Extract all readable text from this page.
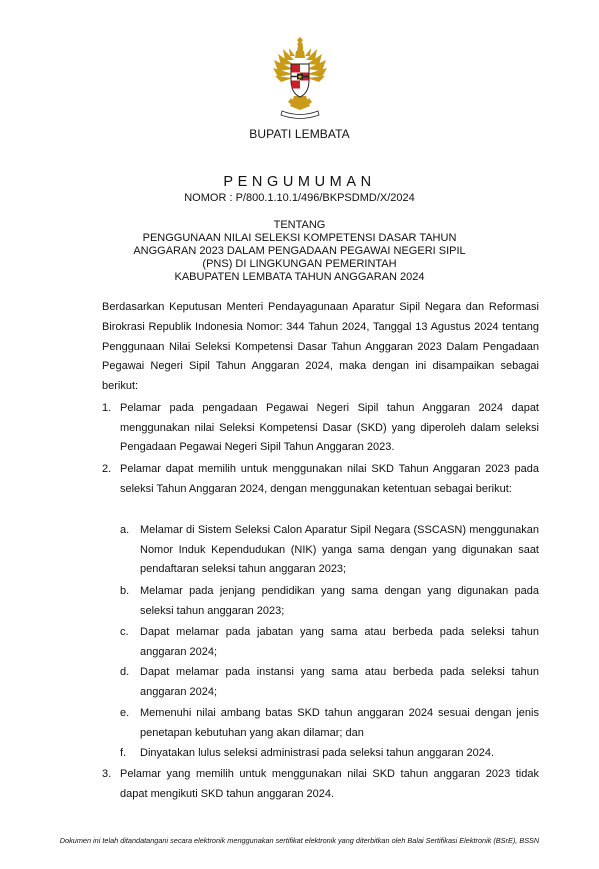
BUPATI LEMBATA
PENGUMUMAN
NOMOR : P/800.1.10.1/496/BKPSDMD/X/2024
TENTANG
PENGGUNAAN NILAI SELEKSI KOMPETENSI DASAR TAHUN
ANGGARAN 2023 DALAM PENGADAAN PEGAWAI NEGERI SIPIL
(PNS) DI LINGKUNGAN PEMERINTAH
KABUPATEN LEMBATA TAHUN ANGGARAN 2024
Berdasarkan Keputusan Menteri Pendayagunaan Aparatur Sipil Negara dan Reformasi Birokrasi Republik Indonesia Nomor: 344 Tahun 2024, Tanggal 13 Agustus 2024 tentang Penggunaan Nilai Seleksi Kompetensi Dasar Tahun Anggaran 2023 Dalam Pengadaan Pegawai Negeri Sipil Tahun Anggaran 2024, maka dengan ini disampaikan sebagai berikut:
1. Pelamar pada pengadaan Pegawai Negeri Sipil tahun Anggaran 2024 dapat menggunakan nilai Seleksi Kompetensi Dasar (SKD) yang diperoleh dalam seleksi Pengadaan Pegawai Negeri Sipil Tahun Anggaran 2023.
2. Pelamar dapat memilih untuk menggunakan nilai SKD Tahun Anggaran 2023 pada seleksi Tahun Anggaran 2024, dengan menggunakan ketentuan sebagai berikut:
a. Melamar di Sistem Seleksi Calon Aparatur Sipil Negara (SSCASN) menggunakan Nomor Induk Kependudukan (NIK) yanga sama dengan yang digunakan saat pendaftaran seleksi tahun anggaran 2023;
b. Melamar pada jenjang pendidikan yang sama dengan yang digunakan pada seleksi tahun anggaran 2023;
c. Dapat melamar pada jabatan yang sama atau berbeda pada seleksi tahun anggaran 2024;
d. Dapat melamar pada instansi yang sama atau berbeda pada seleksi tahun anggaran 2024;
e. Memenuhi nilai ambang batas SKD tahun anggaran 2024 sesuai dengan jenis penetapan kebutuhan yang akan dilamar; dan
f. Dinyatakan lulus seleksi administrasi pada seleksi tahun anggaran 2024.
3. Pelamar yang memilih untuk menggunakan nilai SKD tahun anggaran 2023 tidak dapat mengikuti SKD tahun anggaran 2024.
Dokumen ini telah ditandatangani secara elektronik menggunakan sertifikat elektronik yang diterbitkan oleh Balai Sertifikasi Elektronik (BSrE), BSSN
